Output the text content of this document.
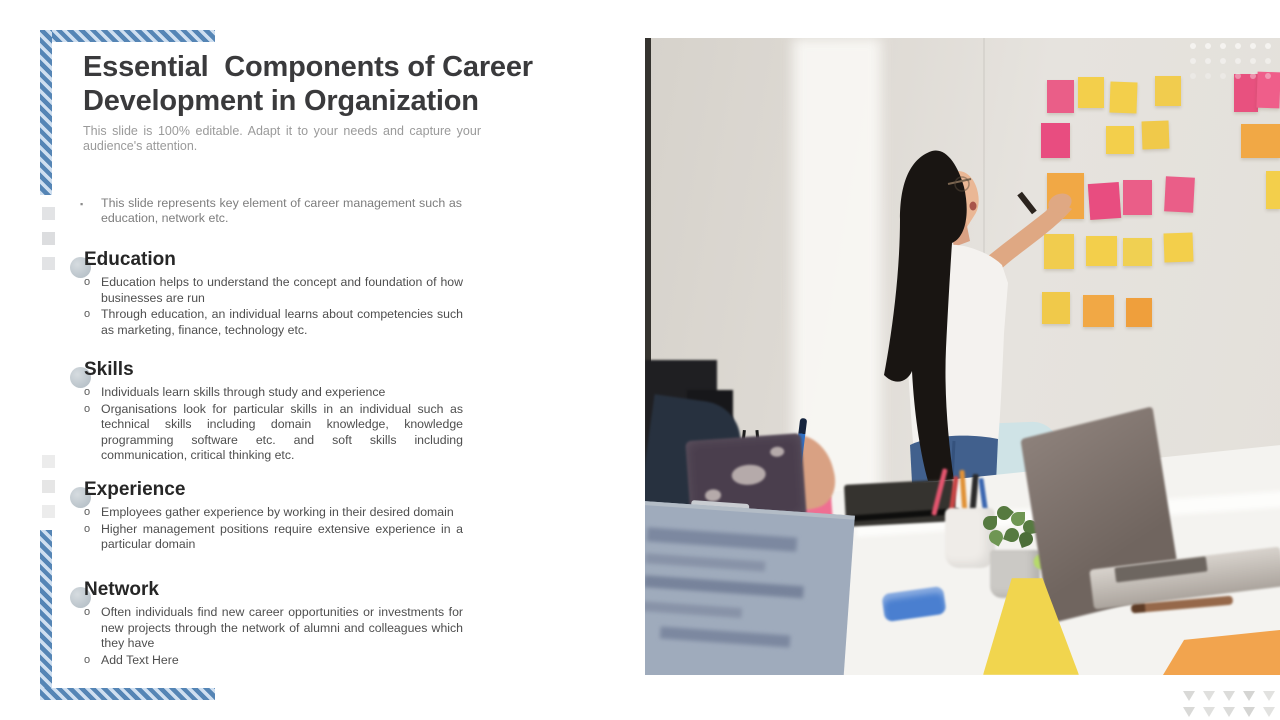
Essential  Components of Career
Development in Organization
This slide is 100% editable. Adapt it to your needs and capture your audience's attention.
▪	This slide represents key element of career management such as education, network etc.
Education
o Education helps to understand the concept and foundation of how businesses are run
o Through education, an individual learns about competencies such as marketing, finance, technology etc.
Skills
o Individuals learn skills through study and experience
o Organisations look for particular skills in an individual such as technical skills including domain knowledge, knowledge programming software etc. and soft skills including communication, critical thinking etc.
Experience
o Employees gather experience by working in their desired domain
o Higher management positions require extensive experience in a particular domain
Network
o Often individuals find new career opportunities or investments for new projects through the network of alumni and colleagues which they have
o Add Text Here
